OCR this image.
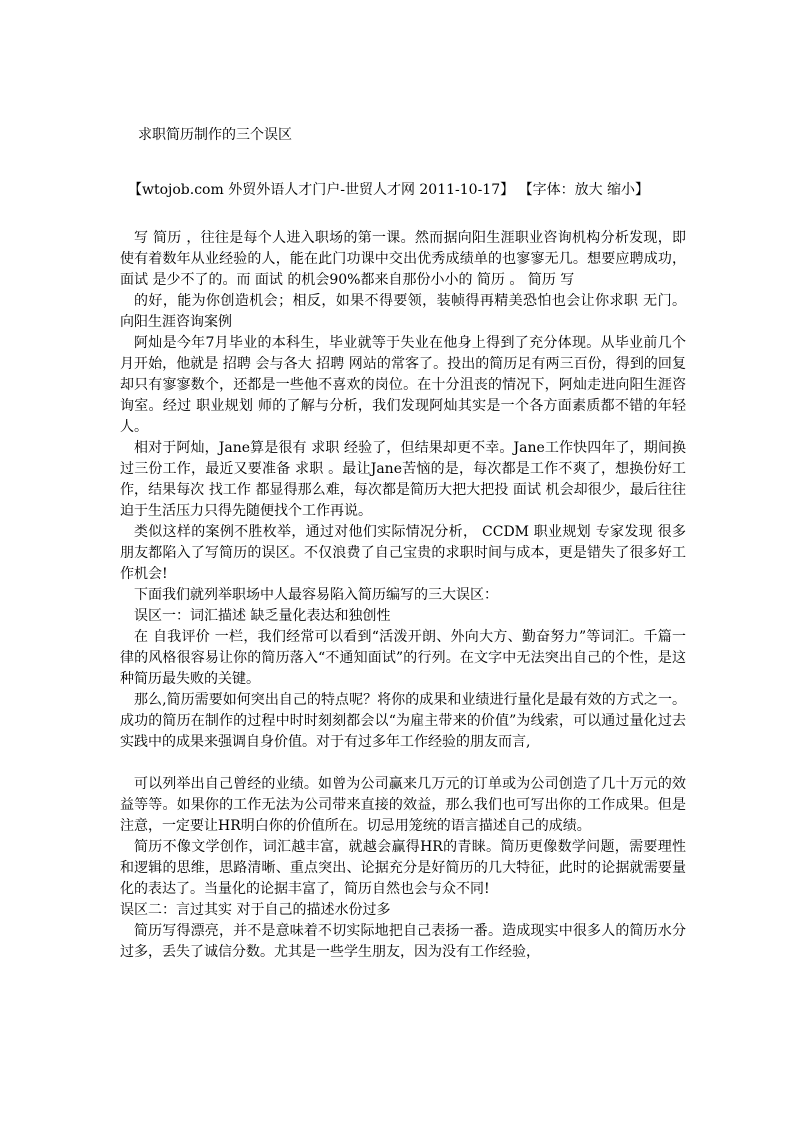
求职简历制作的三个误区
【wtojob.com 外贸外语人才门户-世贸人才网 2011-10-17】 【字体：放大 缩小】

写 简历 ，往往是每个人进入职场的第一课。然而据向阳生涯职业咨询机构分析发现，即使有着数年从业经验的人，能在此门功课中交出优秀成绩单的也寥寥无几。想要应聘成功， 面试 是少不了的。而 面试 的机会90%都来自那份小小的 简历 。 简历 写

的好，能为你创造机会；相反，如果不得要领，装帧得再精美恐怕也会让你求职 无门。 向阳生涯咨询案例

阿灿是今年7月毕业的本科生，毕业就等于失业在他身上得到了充分体现。从毕业前几个月开始，他就是 招聘 会与各大 招聘 网站的常客了。投出的简历足有两三百份，得到的回复却只有寥寥数个，还都是一些他不喜欢的岗位。在十分沮丧的情况下，阿灿走进向阳生涯咨询室。经过 职业规划 师的了解与分析，我们发现阿灿其实是一个各方面素质都不错的年轻人。

相对于阿灿，Jane算是很有 求职 经验了，但结果却更不幸。Jane工作快四年了，期间换过三份工作，最近又要准备 求职 。最让Jane苦恼的是，每次都是工作不爽了，想换份好工作，结果每次 找工作 都显得那么难，每次都是简历大把大把投 面试 机会却很少，最后往往迫于生活压力只得先随便找个工作再说。

类似这样的案例不胜枚举，通过对他们实际情况分析， CCDM 职业规划 专家发现 很多朋友都陷入了写简历的误区。不仅浪费了自己宝贵的求职时间与成本，更是错失了很多好工作机会!

下面我们就列举职场中人最容易陷入简历编写的三大误区：

误区一：词汇描述 缺乏量化表达和独创性

在 自我评价 一栏，我们经常可以看到“活泼开朗、外向大方、勤奋努力”等词汇。千篇一律的风格很容易让你的简历落入“不通知面试”的行列。在文字中无法突出自己的个性，是这种简历最失败的关键。

那么,简历需要如何突出自己的特点呢？将你的成果和业绩进行量化是最有效的方式之一。成功的简历在制作的过程中时时刻刻都会以“为雇主带来的价值”为线索，可以通过量化过去实践中的成果来强调自身价值。对于有过多年工作经验的朋友而言,

可以列举出自己曾经的业绩。如曾为公司赢来几万元的订单或为公司创造了几十万元的效益等等。如果你的工作无法为公司带来直接的效益，那么我们也可写出你的工作成果。但是注意，一定要让HR明白你的价值所在。切忌用笼统的语言描述自己的成绩。

简历不像文学创作，词汇越丰富，就越会赢得HR的青睐。简历更像数学问题，需要理性和逻辑的思维，思路清晰、重点突出、论据充分是好简历的几大特征，此时的论据就需要量化的表达了。当量化的论据丰富了，简历自然也会与众不同!

误区二：言过其实 对于自己的描述水份过多

简历写得漂亮，并不是意味着不切实际地把自己表扬一番。造成现实中很多人的简历水分过多，丢失了诚信分数。尤其是一些学生朋友，因为没有工作经验，
